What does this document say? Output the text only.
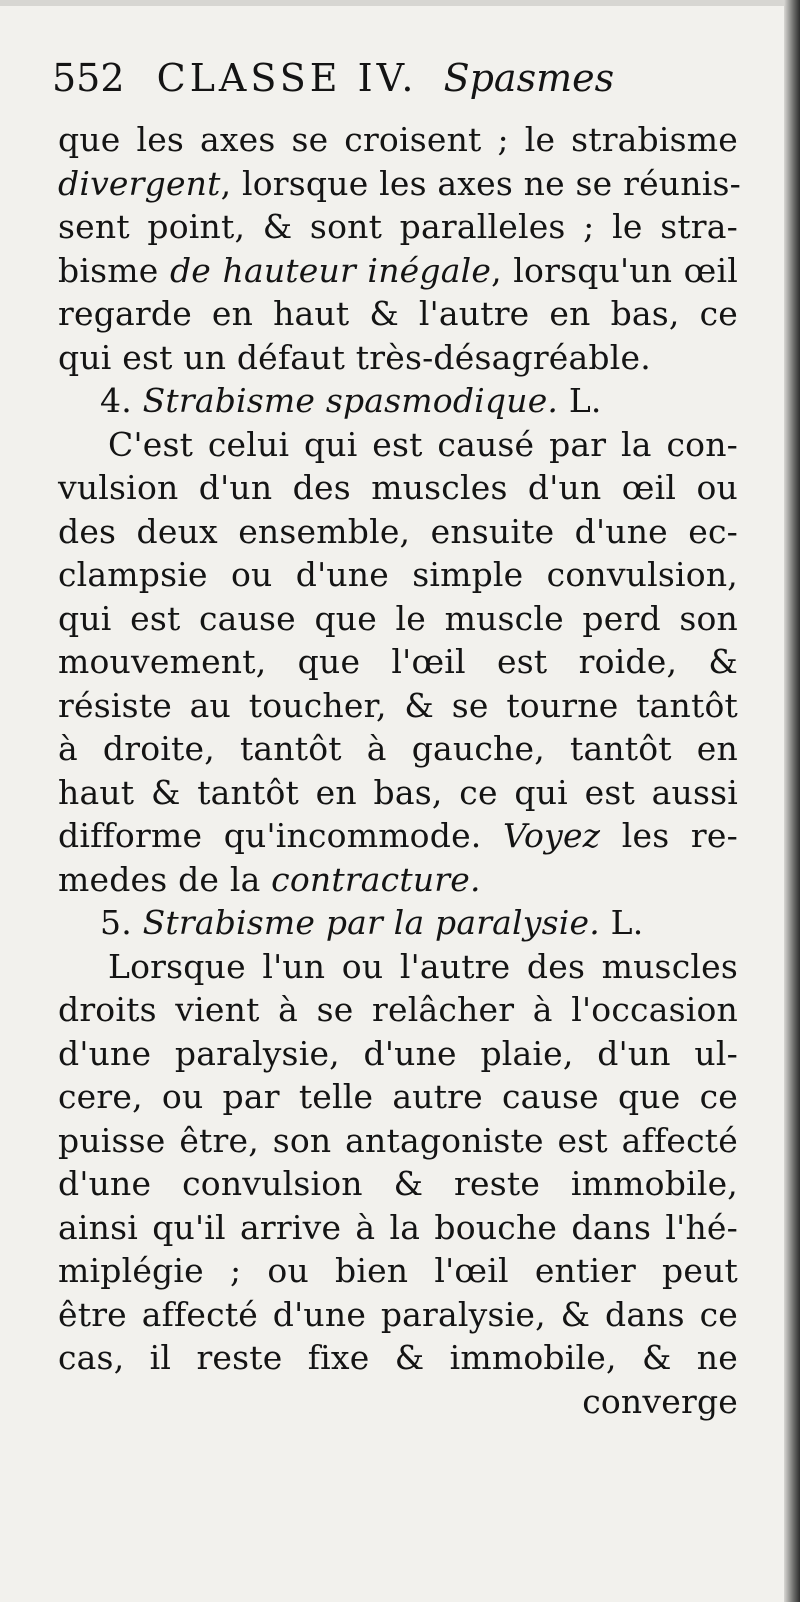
552 CLASSE IV. Spasmes
que les axes se croisent ; le strabisme
divergent, lorsque les axes ne se réunis-
sent point, & sont paralleles ; le stra-
bisme de hauteur inégale, lorsqu'un œil
regarde en haut & l'autre en bas, ce
qui est un défaut très-désagréable.
4. Strabisme spasmodique. L.
C'est celui qui est causé par la con-
vulsion d'un des muscles d'un œil ou
des deux ensemble, ensuite d'une ec-
clampsie ou d'une simple convulsion,
qui est cause que le muscle perd son
mouvement, que l'œil est roide, &
résiste au toucher, & se tourne tantôt
à droite, tantôt à gauche, tantôt en
haut & tantôt en bas, ce qui est aussi
difforme qu'incommode. Voyez les re-
medes de la contracture.
5. Strabisme par la paralysie. L.
Lorsque l'un ou l'autre des muscles
droits vient à se relâcher à l'occasion
d'une paralysie, d'une plaie, d'un ul-
cere, ou par telle autre cause que ce
puisse être, son antagoniste est affecté
d'une convulsion & reste immobile,
ainsi qu'il arrive à la bouche dans l'hé-
miplégie ; ou bien l'œil entier peut
être affecté d'une paralysie, & dans ce
cas, il reste fixe & immobile, & ne
converge
